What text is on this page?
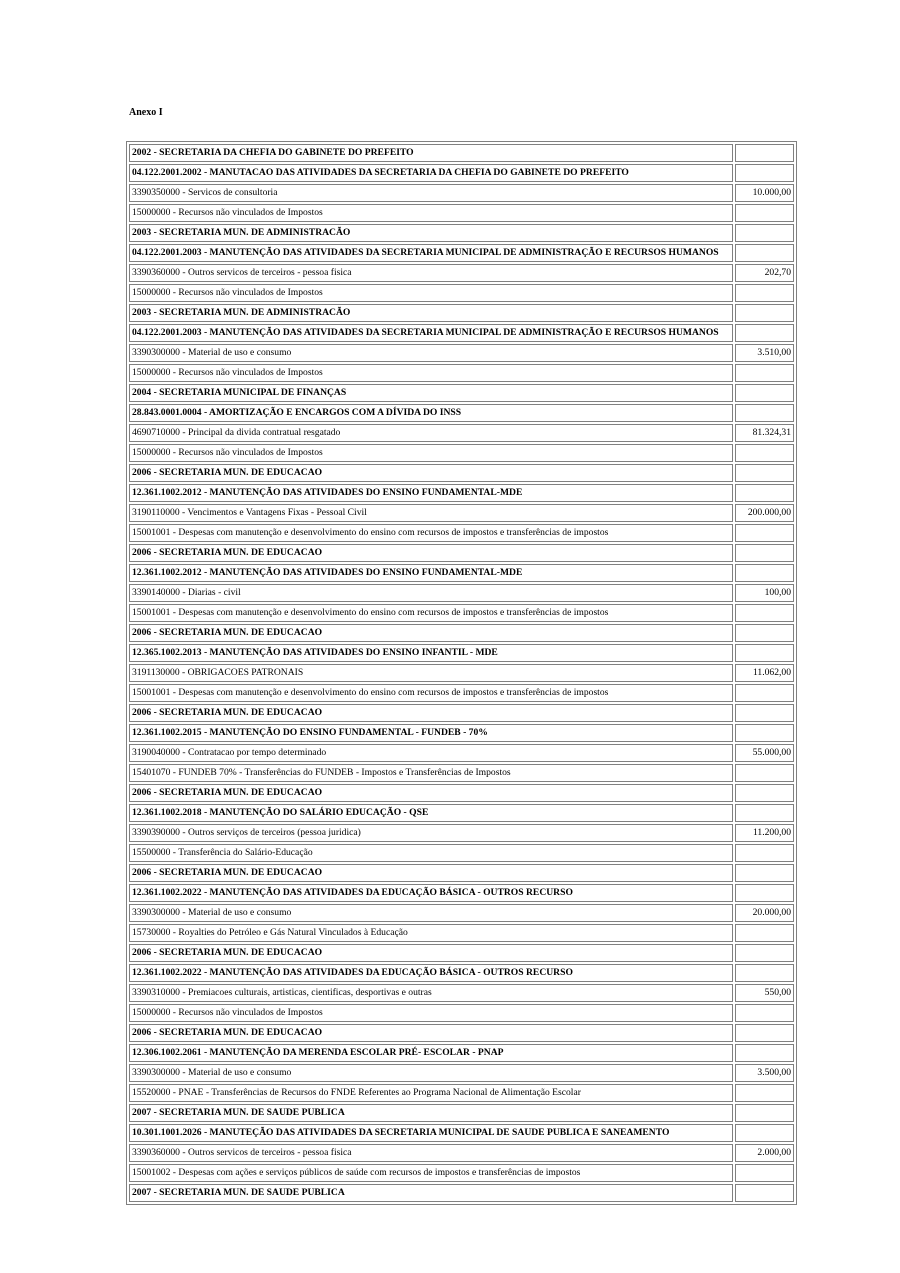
Anexo I
2002 - SECRETARIA DA CHEFIA DO GABINETE DO PREFEITO	
04.122.2001.2002 - MANUTACAO DAS ATIVIDADES DA SECRETARIA DA CHEFIA DO GABINETE DO PREFEITO	
3390350000 - Servicos de consultoria	10.000,00
15000000 - Recursos não vinculados de Impostos	
2003 - SECRETARIA MUN. DE ADMINISTRACÃO	
04.122.2001.2003 - MANUTENÇÃO DAS ATIVIDADES DA SECRETARIA MUNICIPAL DE ADMINISTRAÇÃO E RECURSOS HUMANOS	
3390360000 - Outros servicos de terceiros - pessoa fisica	202,70
15000000 - Recursos não vinculados de Impostos	
2003 - SECRETARIA MUN. DE ADMINISTRACÃO	
04.122.2001.2003 - MANUTENÇÃO DAS ATIVIDADES DA SECRETARIA MUNICIPAL DE ADMINISTRAÇÃO E RECURSOS HUMANOS	
3390300000 - Material de uso e consumo	3.510,00
15000000 - Recursos não vinculados de Impostos	
2004 - SECRETARIA MUNICIPAL DE FINANÇAS	
28.843.0001.0004 - AMORTIZAÇÃO E ENCARGOS COM A DÍVIDA DO INSS	
4690710000 - Principal da divida contratual resgatado	81.324,31
15000000 - Recursos não vinculados de Impostos	
2006 - SECRETARIA MUN. DE EDUCACAO	
12.361.1002.2012 - MANUTENÇÃO DAS ATIVIDADES DO ENSINO FUNDAMENTAL-MDE	
3190110000 - Vencimentos e Vantagens Fixas - Pessoal Civil	200.000,00
15001001 - Despesas com manutenção e desenvolvimento do ensino com recursos de impostos e transferências de impostos	
2006 - SECRETARIA MUN. DE EDUCACAO	
12.361.1002.2012 - MANUTENÇÃO DAS ATIVIDADES DO ENSINO FUNDAMENTAL-MDE	
3390140000 - Diarias - civil	100,00
15001001 - Despesas com manutenção e desenvolvimento do ensino com recursos de impostos e transferências de impostos	
2006 - SECRETARIA MUN. DE EDUCACAO	
12.365.1002.2013 - MANUTENÇÃO DAS ATIVIDADES DO ENSINO INFANTIL - MDE	
3191130000 - OBRIGACOES PATRONAIS	11.062,00
15001001 - Despesas com manutenção e desenvolvimento do ensino com recursos de impostos e transferências de impostos	
2006 - SECRETARIA MUN. DE EDUCACAO	
12.361.1002.2015 - MANUTENÇÃO DO ENSINO FUNDAMENTAL - FUNDEB - 70%	
3190040000 - Contratacao por tempo determinado	55.000,00
15401070 - FUNDEB 70% - Transferências do FUNDEB - Impostos e Transferências de Impostos	
2006 - SECRETARIA MUN. DE EDUCACAO	
12.361.1002.2018 - MANUTENÇÃO DO SALÁRIO EDUCAÇÃO - QSE	
3390390000 - Outros serviços de terceiros (pessoa juridica)	11.200,00
15500000 - Transferência do Salário-Educação	
2006 - SECRETARIA MUN. DE EDUCACAO	
12.361.1002.2022 - MANUTENÇÃO DAS ATIVIDADES DA EDUCAÇÃO BÁSICA - OUTROS RECURSO	
3390300000 - Material de uso e consumo	20.000,00
15730000 - Royalties do Petróleo e Gás Natural Vinculados à Educação	
2006 - SECRETARIA MUN. DE EDUCACAO	
12.361.1002.2022 - MANUTENÇÃO DAS ATIVIDADES DA EDUCAÇÃO BÁSICA - OUTROS RECURSO	
3390310000 - Premiacoes culturais, artisticas, cientificas, desportivas e outras	550,00
15000000 - Recursos não vinculados de Impostos	
2006 - SECRETARIA MUN. DE EDUCACAO	
12.306.1002.2061 - MANUTENÇÃO DA MERENDA ESCOLAR PRÉ- ESCOLAR - PNAP	
3390300000 - Material de uso e consumo	3.500,00
15520000 - PNAE - Transferências de Recursos do FNDE Referentes ao Programa Nacional de Alimentação Escolar	
2007 - SECRETARIA MUN. DE SAUDE PUBLICA	
10.301.1001.2026 - MANUTEÇÃO DAS ATIVIDADES DA SECRETARIA MUNICIPAL DE SAUDE PUBLICA E SANEAMENTO	
3390360000 - Outros servicos de terceiros - pessoa fisica	2.000,00
15001002 - Despesas com ações e serviços públicos de saúde com recursos de impostos e transferências de impostos	
2007 - SECRETARIA MUN. DE SAUDE PUBLICA	
